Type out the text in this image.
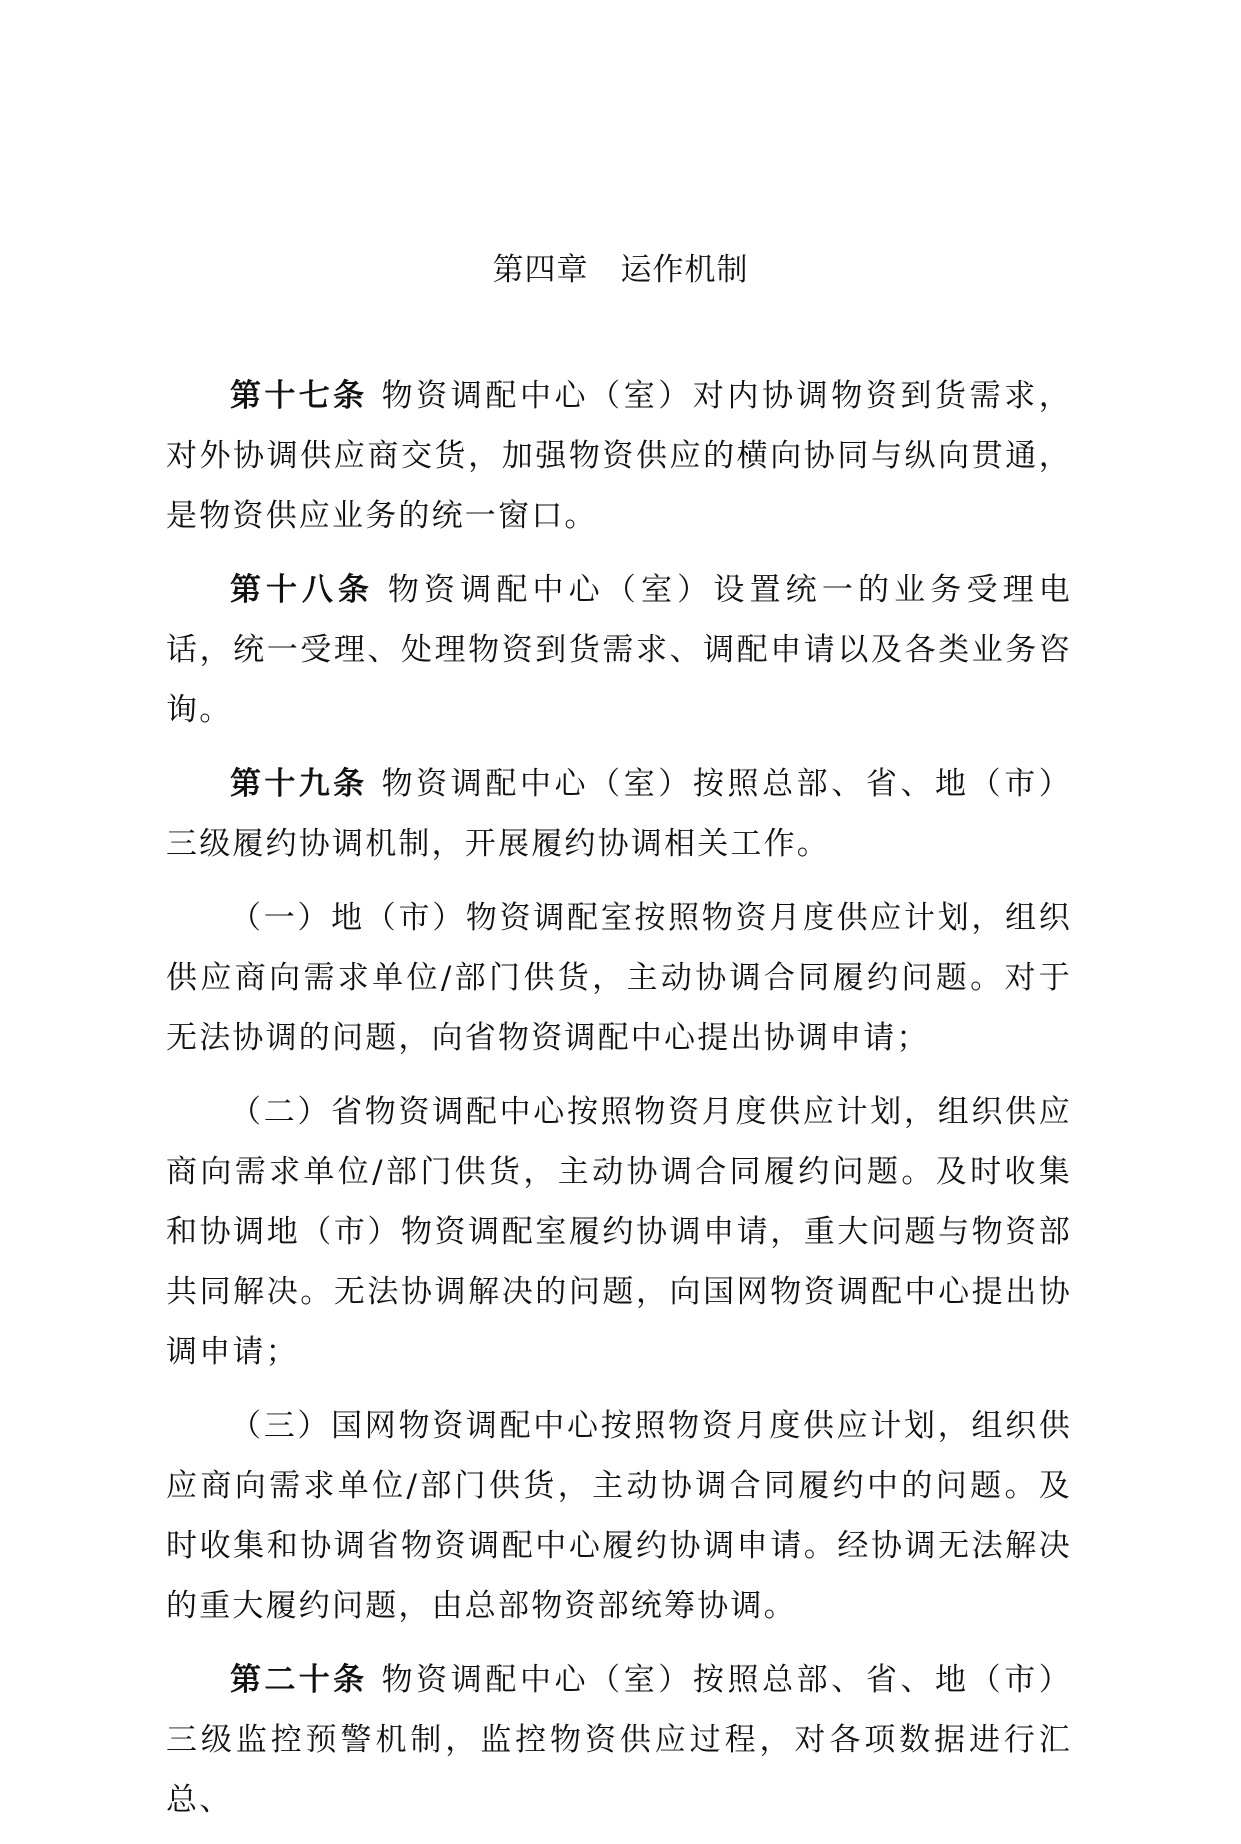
第四章　运作机制

第十七条 物资调配中心（室）对内协调物资到货需求，对外协调供应商交货，加强物资供应的横向协同与纵向贯通，是物资供应业务的统一窗口。

第十八条 物资调配中心（室）设置统一的业务受理电话，统一受理、处理物资到货需求、调配申请以及各类业务咨询。

第十九条 物资调配中心（室）按照总部、省、地（市）三级履约协调机制，开展履约协调相关工作。

（一）地（市）物资调配室按照物资月度供应计划，组织供应商向需求单位/部门供货，主动协调合同履约问题。对于无法协调的问题，向省物资调配中心提出协调申请；

（二）省物资调配中心按照物资月度供应计划，组织供应商向需求单位/部门供货，主动协调合同履约问题。及时收集和协调地（市）物资调配室履约协调申请，重大问题与物资部共同解决。无法协调解决的问题，向国网物资调配中心提出协调申请；

（三）国网物资调配中心按照物资月度供应计划，组织供应商向需求单位/部门供货，主动协调合同履约中的问题。及时收集和协调省物资调配中心履约协调申请。经协调无法解决的重大履约问题，由总部物资部统筹协调。

第二十条 物资调配中心（室）按照总部、省、地（市）三级监控预警机制，监控物资供应过程，对各项数据进行汇总、
